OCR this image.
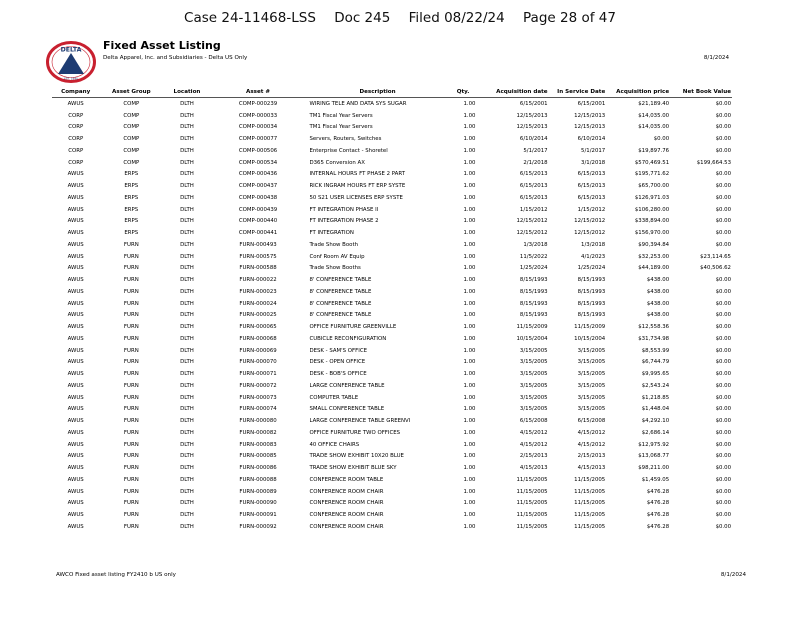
Case 24-11468-LSS Doc 245 Filed 08/22/24 Page 28 of 47
DELTA
EST. 1990
Fixed Asset Listing
Delta Apparel, Inc. and Subsidiaries - Delta US Only	8/1/2024
Company	Asset Group	Location	Asset #	Description	Qty.	Acquisition date	In Service Date	Acquisition price	Net Book Value
AWUS	COMP	DLTH	COMP-000239	WIRING TELE AND DATA SYS SUGAR	1.00	6/15/2001	6/15/2001	$21,189.40	$0.00
CORP	COMP	DLTH	COMP-000033	TM1 Fiscal Year Servers	1.00	12/15/2013	12/15/2013	$14,035.00	$0.00
CORP	COMP	DLTH	COMP-000034	TM1 Fiscal Year Servers	1.00	12/15/2013	12/15/2013	$14,035.00	$0.00
CORP	COMP	DLTH	COMP-000077	Servers, Routers, Switches	1.00	6/10/2014	6/10/2014	$0.00	$0.00
CORP	COMP	DLTH	COMP-000506	Enterprise Contact - Shoretel	1.00	5/1/2017	5/1/2017	$19,897.76	$0.00
CORP	COMP	DLTH	COMP-000534	D365 Conversion AX	1.00	2/1/2018	3/1/2018	$570,469.51	$199,664.53
AWUS	ERPS	DLTH	COMP-000436	INTERNAL HOURS FT PHASE 2 PART	1.00	6/15/2013	6/15/2013	$195,771.62	$0.00
AWUS	ERPS	DLTH	COMP-000437	RICK INGRAM HOURS FT ERP SYSTE	1.00	6/15/2013	6/15/2013	$65,700.00	$0.00
AWUS	ERPS	DLTH	COMP-000438	50 S21 USER LICENSES ERP SYSTE	1.00	6/15/2013	6/15/2013	$126,971.03	$0.00
AWUS	ERPS	DLTH	COMP-000439	FT INTEGRATION PHASE II	1.00	1/15/2012	1/15/2012	$106,280.00	$0.00
AWUS	ERPS	DLTH	COMP-000440	FT INTEGRATION PHASE 2	1.00	12/15/2012	12/15/2012	$338,894.00	$0.00
AWUS	ERPS	DLTH	COMP-000441	FT INTEGRATION	1.00	12/15/2012	12/15/2012	$156,970.00	$0.00
AWUS	FURN	DLTH	FURN-000493	Trade Show Booth	1.00	1/3/2018	1/3/2018	$90,394.84	$0.00
AWUS	FURN	DLTH	FURN-000575	Conf Room AV Equip	1.00	11/5/2022	4/1/2023	$32,253.00	$23,114.65
AWUS	FURN	DLTH	FURN-000588	Trade Show Booths	1.00	1/25/2024	1/25/2024	$44,189.00	$40,506.62
AWUS	FURN	DLTH	FURN-000022	8' CONFERENCE TABLE	1.00	8/15/1993	8/15/1993	$438.00	$0.00
AWUS	FURN	DLTH	FURN-000023	8' CONFERENCE TABLE	1.00	8/15/1993	8/15/1993	$438.00	$0.00
AWUS	FURN	DLTH	FURN-000024	8' CONFERENCE TABLE	1.00	8/15/1993	8/15/1993	$438.00	$0.00
AWUS	FURN	DLTH	FURN-000025	8' CONFERENCE TABLE	1.00	8/15/1993	8/15/1993	$438.00	$0.00
AWUS	FURN	DLTH	FURN-000065	OFFICE FURNITURE GREENVILLE	1.00	11/15/2009	11/15/2009	$12,558.36	$0.00
AWUS	FURN	DLTH	FURN-000068	CUBICLE RECONFIGURATION	1.00	10/15/2004	10/15/2004	$31,734.98	$0.00
AWUS	FURN	DLTH	FURN-000069	DESK - SAM'S OFFICE	1.00	3/15/2005	3/15/2005	$8,553.99	$0.00
AWUS	FURN	DLTH	FURN-000070	DESK - OPEN OFFICE	1.00	3/15/2005	3/15/2005	$6,744.79	$0.00
AWUS	FURN	DLTH	FURN-000071	DESK - BOB'S OFFICE	1.00	3/15/2005	3/15/2005	$9,995.65	$0.00
AWUS	FURN	DLTH	FURN-000072	LARGE CONFERENCE TABLE	1.00	3/15/2005	3/15/2005	$2,543.24	$0.00
AWUS	FURN	DLTH	FURN-000073	COMPUTER TABLE	1.00	3/15/2005	3/15/2005	$1,218.85	$0.00
AWUS	FURN	DLTH	FURN-000074	SMALL CONFERENCE TABLE	1.00	3/15/2005	3/15/2005	$1,448.04	$0.00
AWUS	FURN	DLTH	FURN-000080	LARGE CONFERENCE TABLE GREENVI	1.00	6/15/2008	6/15/2008	$4,292.10	$0.00
AWUS	FURN	DLTH	FURN-000082	OFFICE FURNITURE TWO OFFICES	1.00	4/15/2012	4/15/2012	$2,686.14	$0.00
AWUS	FURN	DLTH	FURN-000083	40 OFFICE CHAIRS	1.00	4/15/2012	4/15/2012	$12,975.92	$0.00
AWUS	FURN	DLTH	FURN-000085	TRADE SHOW EXHIBIT 10X20 BLUE	1.00	2/15/2013	2/15/2013	$13,068.77	$0.00
AWUS	FURN	DLTH	FURN-000086	TRADE SHOW EXHIBIT BLUE SKY	1.00	4/15/2013	4/15/2013	$98,211.00	$0.00
AWUS	FURN	DLTH	FURN-000088	CONFERENCE ROOM TABLE	1.00	11/15/2005	11/15/2005	$1,459.05	$0.00
AWUS	FURN	DLTH	FURN-000089	CONFERENCE ROOM CHAIR	1.00	11/15/2005	11/15/2005	$476.28	$0.00
AWUS	FURN	DLTH	FURN-000090	CONFERENCE ROOM CHAIR	1.00	11/15/2005	11/15/2005	$476.28	$0.00
AWUS	FURN	DLTH	FURN-000091	CONFERENCE ROOM CHAIR	1.00	11/15/2005	11/15/2005	$476.28	$0.00
AWUS	FURN	DLTH	FURN-000092	CONFERENCE ROOM CHAIR	1.00	11/15/2005	11/15/2005	$476.28	$0.00
AWCO Fixed asset listing FY2410 b US only	8/1/2024
